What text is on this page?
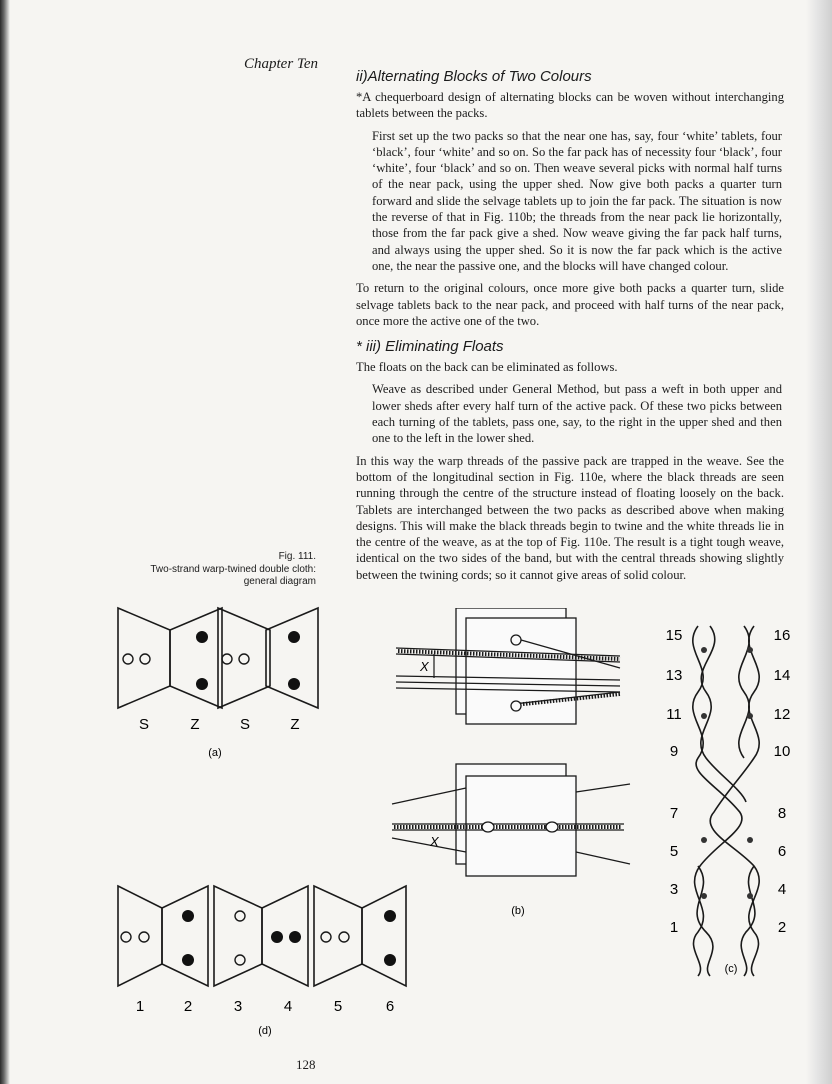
Chapter Ten
ii)Alternating Blocks of Two Colours

*A chequerboard design of alternating blocks can be woven without interchanging tablets between the packs.

First set up the two packs so that the near one has, say, four ‘white’ tablets, four ‘black’, four ‘white’ and so on. So the far pack has of necessity four ‘black’, four ‘white’, four ‘black’ and so on. Then weave several picks with normal half turns of the near pack, using the upper shed. Now give both packs a quarter turn forward and slide the selvage tablets up to join the far pack. The situation is now the reverse of that in Fig. 110b; the threads from the near pack lie horizontally, those from the far pack give a shed. Now weave giving the far pack half turns, and always using the upper shed. So it is now the far pack which is the active one, the near the passive one, and the blocks will have changed colour.

To return to the original colours, once more give both packs a quarter turn, slide selvage tablets back to the near pack, and proceed with half turns of the near pack, once more the active one of the two.

* iii) Eliminating Floats

The floats on the back can be eliminated as follows.

Weave as described under General Method, but pass a weft in both upper and lower sheds after every half turn of the active pack. Of these two picks between each turning of the tablets, pass one, say, to the right in the upper shed and then one to the left in the lower shed.

In this way the warp threads of the passive pack are trapped in the weave. See the bottom of the longitudinal section in Fig. 110e, where the black threads are seen running through the centre of the structure instead of floating loosely on the back. Tablets are interchanged between the two packs as described above when making designs. This will make the black threads begin to twine and the white threads lie in the centre of the weave, as at the top of Fig. 110e. The result is a tight tough weave, identical on the two sides of the band, but with the central threads showing slightly between the twining cords; so it cannot give areas of solid colour.

Fig. 111.
Two-strand warp-twined double cloth:
general diagram
S	Z	S	Z
(a)
X
X
(b)
15
13
11
9
7
5
3
1
16
14
12
10
8
6
4
2
(c)
1	2	3	4	5	6
(d)
128
